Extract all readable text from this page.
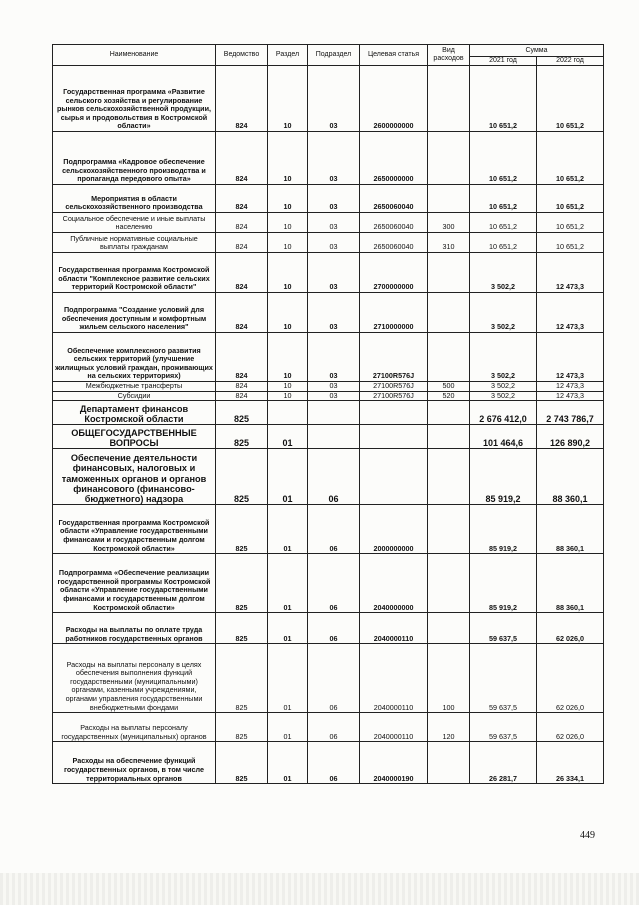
Наименование	Ведомство	Раздел	Подраздел	Целевая статья	Вид расходов	Сумма	
						2021 год	2022 год
Государственная программа «Развитие сельского хозяйства и регулирование рынков сельскохозяйственной продукции, сырья и продовольствия в Костромской области»	824	10	03	2600000000		10 651,2	10 651,2
Подпрограмма «Кадровое обеспечение сельскохозяйственного производства и пропаганда передового опыта»	824	10	03	2650000000		10 651,2	10 651,2
Мероприятия в области сельскохозяйственного производства	824	10	03	2650060040		10 651,2	10 651,2
Социальное обеспечение и иные выплаты населению	824	10	03	2650060040	300	10 651,2	10 651,2
Публичные нормативные социальные выплаты гражданам	824	10	03	2650060040	310	10 651,2	10 651,2
Государственная программа Костромской области "Комплексное развитие сельских территорий Костромской области"	824	10	03	2700000000		3 502,2	12 473,3
Подпрограмма "Создание условий для обеспечения доступным и комфортным жильем сельского населения"	824	10	03	2710000000		3 502,2	12 473,3
Обеспечение комплексного развития сельских территорий (улучшение жилищных условий граждан, проживающих на сельских территориях)	824	10	03	27100R576J		3 502,2	12 473,3
Межбюджетные трансферты	824	10	03	27100R576J	500	3 502,2	12 473,3
Субсидии	824	10	03	27100R576J	520	3 502,2	12 473,3
Департамент финансов Костромской области	825					2 676 412,0	2 743 786,7
ОБЩЕГОСУДАРСТВЕННЫЕ ВОПРОСЫ	825	01				101 464,6	126 890,2
Обеспечение деятельности финансовых, налоговых и таможенных органов и органов финансового (финансово-бюджетного) надзора	825	01	06			85 919,2	88 360,1
Государственная программа Костромской области «Управление государственными финансами и государственным долгом Костромской области»	825	01	06	2000000000		85 919,2	88 360,1
Подпрограмма «Обеспечение реализации государственной программы Костромской области «Управление государственными финансами и государственным долгом Костромской области»	825	01	06	2040000000		85 919,2	88 360,1
Расходы на выплаты по оплате труда работников государственных органов	825	01	06	2040000110		59 637,5	62 026,0
Расходы на выплаты персоналу в целях обеспечения выполнения функций государственными (муниципальными) органами, казенными учреждениями, органами управления государственными внебюджетными фондами	825	01	06	2040000110	100	59 637,5	62 026,0
Расходы на выплаты персоналу государственных (муниципальных) органов	825	01	06	2040000110	120	59 637,5	62 026,0
Расходы на обеспечение функций государственных органов, в том числе территориальных органов	825	01	06	2040000190		26 281,7	26 334,1
449
